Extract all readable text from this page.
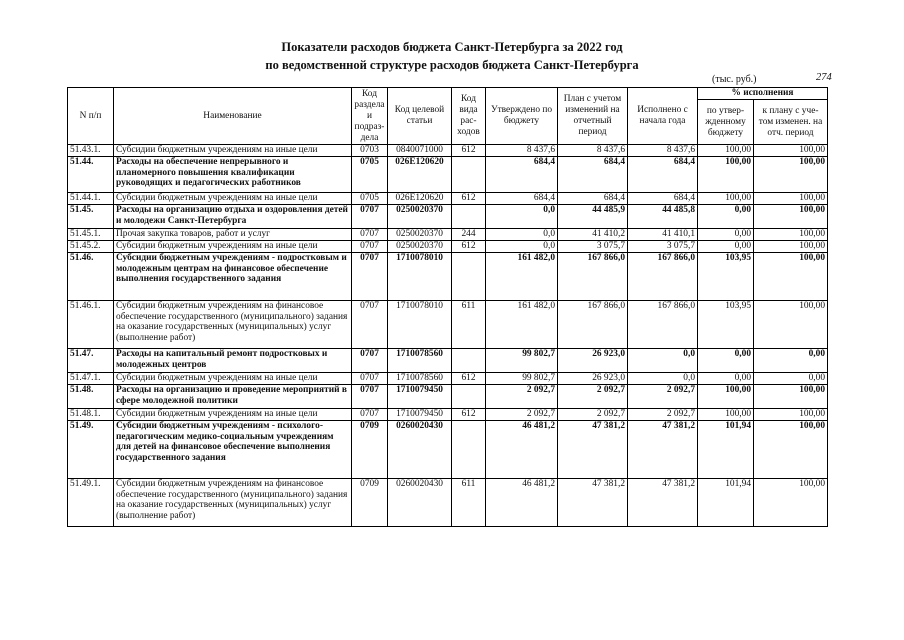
Показатели расходов бюджета Санкт-Петербурга за 2022 год
по ведомственной структуре расходов бюджета Санкт-Петербурга
(тыс. руб.)	274
N п/п	Наименование	Код раздела и подраз-дела	Код целевой статьи	Код вида рас-ходов	Утверждено по бюджету	План с учетом изменений на отчетный период	Исполнено с начала года	% исполнения	
								по утвер-жденному бюджету	к плану с уче-том изменен. на отч. период
51.43.1.	Субсидии бюджетным учреждениям на иные цели	0703	0840071000	612	8 437,6	8 437,6	8 437,6	100,00	100,00
51.44.	Расходы на обеспечение непрерывного и планомерного повышения квалификации руководящих и педагогических работников	0705	026E120620		684,4	684,4	684,4	100,00	100,00
51.44.1.	Субсидии бюджетным учреждениям на иные цели	0705	026E120620	612	684,4	684,4	684,4	100,00	100,00
51.45.	Расходы на организацию отдыха и оздоровления детей и молодежи Санкт-Петербурга	0707	0250020370		0,0	44 485,9	44 485,8	0,00	100,00
51.45.1.	Прочая закупка товаров, работ и услуг	0707	0250020370	244	0,0	41 410,2	41 410,1	0,00	100,00
51.45.2.	Субсидии бюджетным учреждениям на иные цели	0707	0250020370	612	0,0	3 075,7	3 075,7	0,00	100,00
51.46.	Субсидии бюджетным учреждениям - подростковым и молодежным центрам на финансовое обеспечение выполнения государственного задания	0707	1710078010		161 482,0	167 866,0	167 866,0	103,95	100,00
51.46.1.	Субсидии бюджетным учреждениям на финансовое обеспечение государственного (муниципального) задания на оказание государственных (муниципальных) услуг (выполнение работ)	0707	1710078010	611	161 482,0	167 866,0	167 866,0	103,95	100,00
51.47.	Расходы на капитальный ремонт подростковых и молодежных центров	0707	1710078560		99 802,7	26 923,0	0,0	0,00	0,00
51.47.1.	Субсидии бюджетным учреждениям на иные цели	0707	1710078560	612	99 802,7	26 923,0	0,0	0,00	0,00
51.48.	Расходы на организацию и проведение мероприятий в сфере молодежной политики	0707	1710079450		2 092,7	2 092,7	2 092,7	100,00	100,00
51.48.1.	Субсидии бюджетным учреждениям на иные цели	0707	1710079450	612	2 092,7	2 092,7	2 092,7	100,00	100,00
51.49.	Субсидии бюджетным учреждениям - психолого-педагогическим медико-социальным учреждениям для детей на финансовое обеспечение выполнения государственного задания	0709	0260020430		46 481,2	47 381,2	47 381,2	101,94	100,00
51.49.1.	Субсидии бюджетным учреждениям на финансовое обеспечение государственного (муниципального) задания на оказание государственных (муниципальных) услуг (выполнение работ)	0709	0260020430	611	46 481,2	47 381,2	47 381,2	101,94	100,00
